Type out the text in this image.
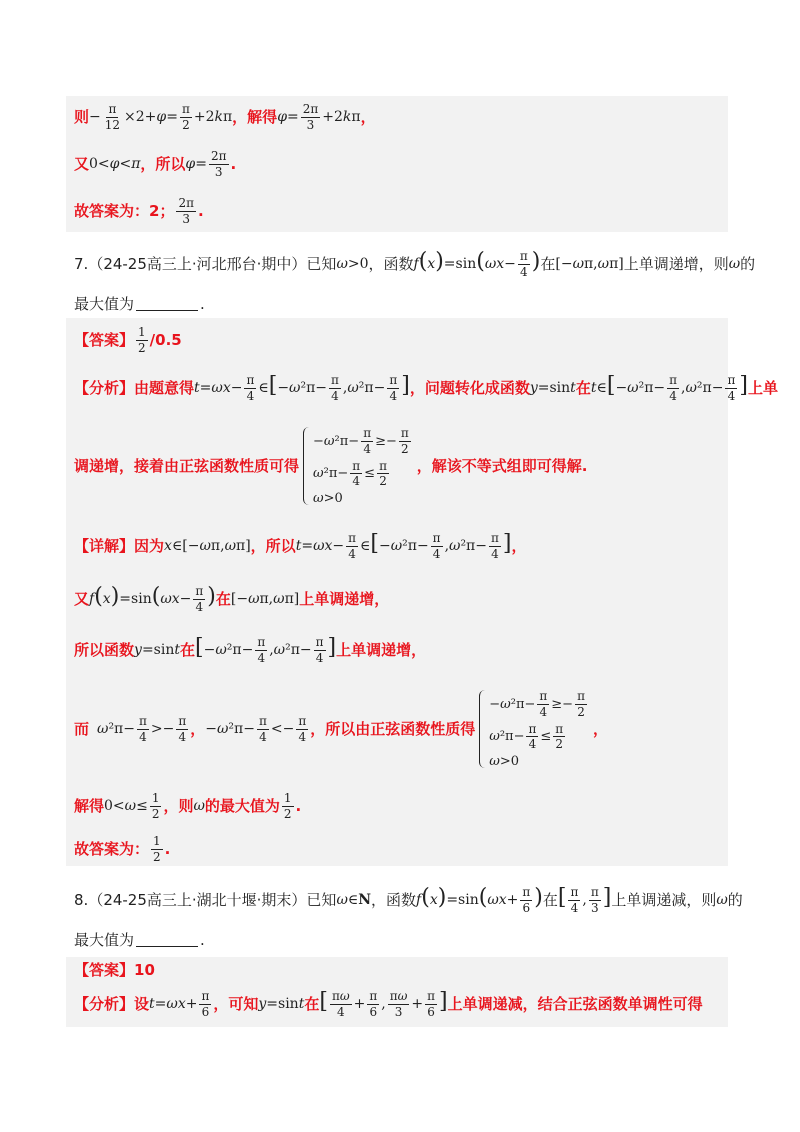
则 − $\frac{\pi}{12} \times 2+\varphi= \frac{\pi}{2} +2k\pi$ ，解得 $\varphi= \frac{2\pi}{3} +2k\pi$ ，
又 0<φ<π ，所以 $\varphi= \frac{2\pi}{3}$ .
故答案为：2； $\frac{2\pi}{3}$ .
7. （24-25高三上·河北邢台·期中）已知 ω>0 ，函数 $f(x)=\sin(\omega x- \frac{\pi}{4}$ ) 在 [−ωπ,ωπ] 上单调递增，则 ω 的
最大值为	.
【答案】 $\frac{1}{2} /0.5$
【分析】 由题意得 $t=\omega x- \frac{\pi}{4}$ ∈[−ω²π− $\frac{\pi}{4} ,\omega^2\pi- \frac{\pi}{4}$ ] ，问题转化成函数 y=sint 在 t∈[−ω²π− $\frac{\pi}{4} ,\omega^2\pi- \frac{\pi}{4}$ ] 上单
调递增，接着由正弦函数性质可得
− ω $^2\pi- \frac{\pi}{4} \ge- \frac{\pi}{2}$
ω $^2\pi- \frac{\pi}{4} \le \frac{\pi}{2}$
ω >0
，解该不等式组即可得解.
【详解】 因为 x∈[−ωπ,ωπ] ，所以 $t=\omega x- \frac{\pi}{4}$ ∈[−ω²π− $\frac{\pi}{4} ,\omega^2\pi- \frac{\pi}{4}$ ] ，
又 $f(x)=\sin(\omega x- \frac{\pi}{4}$ ) 在 [−ωπ,ωπ] 上单调递增，
所以函数 y=sint 在 [$-\omega^2\pi- \frac{\pi}{4} ,\omega^2\pi- \frac{\pi}{4}$ ] 上单调递增，
而 $\omega^2\pi- \frac{\pi}{4} >- \frac{\pi}{4}$ ， $-\omega^2\pi- \frac{\pi}{4} <- \frac{\pi}{4}$ ，所以由正弦函数性质得
− ω $^2\pi- \frac{\pi}{4} \ge- \frac{\pi}{2}$
ω $^2\pi- \frac{\pi}{4} \le \frac{\pi}{2}$
ω >0
，
解得 $0<\omega\le \frac{1}{2}$ ，则 ω 的最大值为 $\frac{1}{2}$ .
故答案为： $\frac{1}{2}$ .
8. （24-25高三上·湖北十堰·期末）已知 ω∈N ，函数 $f(x)=\sin(\omega x+ \frac{\pi}{6}$ ) 在 [ $\frac{\pi}{4}$ , $\frac{\pi}{3}$ ] 上单调递减，则 ω 的
最大值为	.
【答案】 10
【分析】 设 $t=\omega x+ \frac{\pi}{6}$ ，可知 y=sint 在 [ $\frac{\pi\omega}{4} + \frac{\pi}{6}$ , $\frac{\pi\omega}{3} + \frac{\pi}{6}$ ] 上单调递减，结合正弦函数单调性可得
